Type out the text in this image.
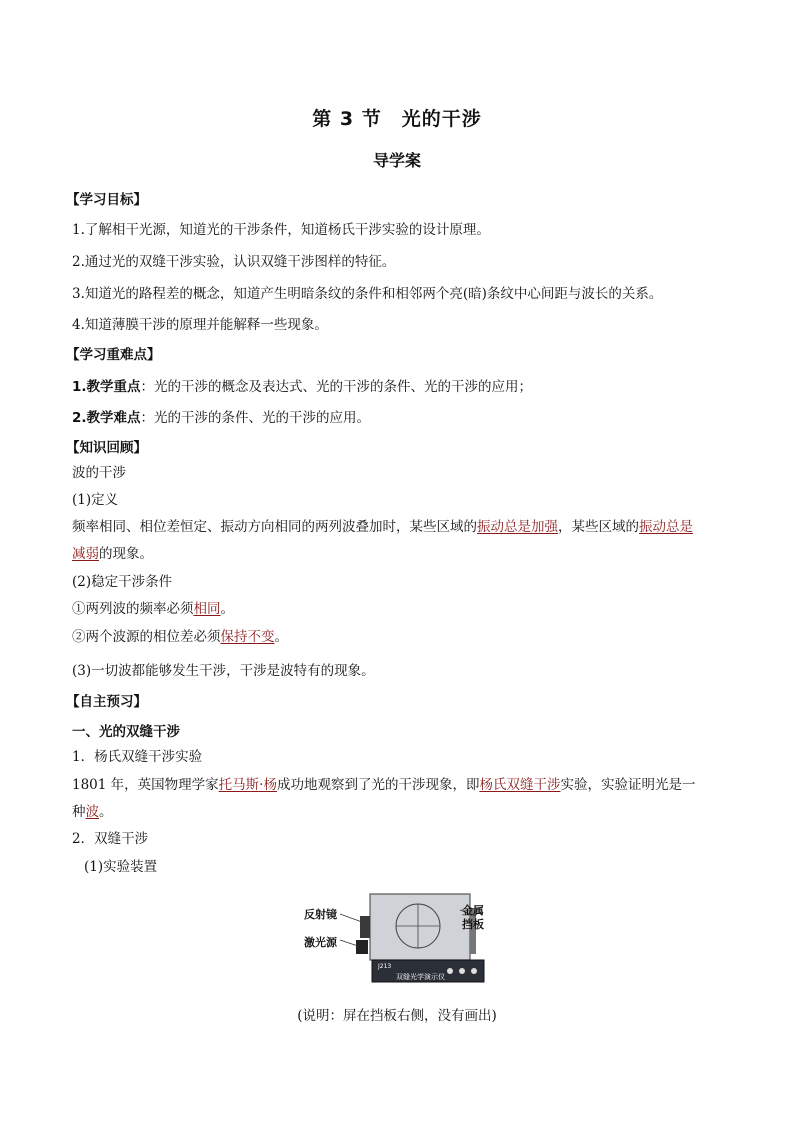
第 3 节　光的干涉
导学案
【学习目标】
1.了解相干光源，知道光的干涉条件，知道杨氏干涉实验的设计原理。
2.通过光的双缝干涉实验，认识双缝干涉图样的特征。
3.知道光的路程差的概念，知道产生明暗条纹的条件和相邻两个亮(暗)条纹中心间距与波长的关系。
4.知道薄膜干涉的原理并能解释一些现象。
【学习重难点】
1.教学重点：光的干涉的概念及表达式、光的干涉的条件、光的干涉的应用；
2.教学难点：光的干涉的条件、光的干涉的应用。
【知识回顾】
波的干涉
(1)定义
频率相同、相位差恒定、振动方向相同的两列波叠加时，某些区域的振动总是加强，某些区域的振动总是
减弱的现象。
(2)稳定干涉条件
①两列波的频率必须相同。
②两个波源的相位差必须保持不变。
(3)一切波都能够发生干涉，干涉是波特有的现象。
【自主预习】
一、光的双缝干涉
1．杨氏双缝干涉实验
1801 年，英国物理学家托马斯·杨成功地观察到了光的干涉现象，即杨氏双缝干涉实验，实验证明光是一
种波。
2．双缝干涉
(1)实验装置
反射镜
激光源
金属
挡板
J213
双缝光学演示仪
(说明：屏在挡板右侧，没有画出)
